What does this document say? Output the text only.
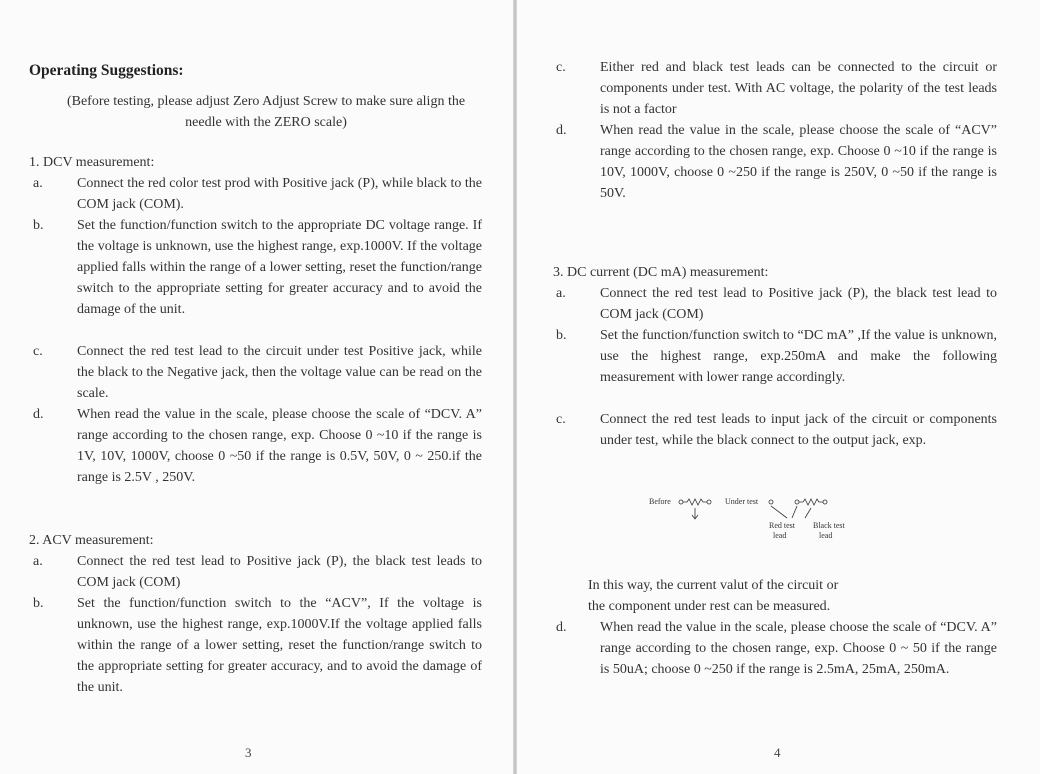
Operating Suggestions:
(Before testing, please adjust Zero Adjust Screw to make sure align the needle with the ZERO scale)
1. DCV measurement:
a. Connect the red color test prod with Positive jack (P), while black to the COM jack (COM).
b. Set the function/function switch to the appropriate DC voltage range. If the voltage is unknown, use the highest range, exp.1000V. If the voltage applied falls within the range of a lower setting, reset the function/range switch to the appropriate setting for greater accuracy and to avoid the damage of the unit.
c. Connect the red test lead to the circuit under test Positive jack, while the black to the Negative jack, then the voltage value can be read on the scale.
d. When read the value in the scale, please choose the scale of “DCV. A” range according to the chosen range, exp. Choose 0 ~10 if the range is 1V, 10V, 1000V, choose 0 ~50 if the range is 0.5V, 50V, 0 ~ 250.if the range is 2.5V , 250V.
2. ACV measurement:
a. Connect the red test lead to Positive jack (P), the black test leads to COM jack (COM)
b. Set the function/function switch to the “ACV”, If the voltage is unknown, use the highest range, exp.1000V.If the voltage applied falls within the range of a lower setting, reset the function/range switch to the appropriate setting for greater accuracy, and to avoid the damage of the unit.
3
c. Either red and black test leads can be connected to the circuit or components under test. With AC voltage, the polarity of the test leads is not a factor
d. When read the value in the scale, please choose the scale of “ACV” range according to the chosen range, exp. Choose 0 ~10 if the range is 10V, 1000V, choose 0 ~250 if the range is 250V, 0 ~50 if the range is 50V.
3. DC current (DC mA) measurement:
a. Connect the red test lead to Positive jack (P), the black test lead to COM jack (COM)
b. Set the function/function switch to “DC mA” ,If the value is unknown, use the highest range, exp.250mA and make the following measurement with lower range accordingly.
c. Connect the red test leads to input jack of the circuit or components under test, while the black connect to the output jack, exp.
Before	Under test
Red test
lead
Black test
lead
In this way, the current valut of the circuit or
the component under rest can be measured.
d. When read the value in the scale, please choose the scale of “DCV. A” range according to the chosen range, exp. Choose 0 ~ 50 if the range is 50uA; choose 0 ~250 if the range is 2.5mA, 25mA, 250mA.
4
